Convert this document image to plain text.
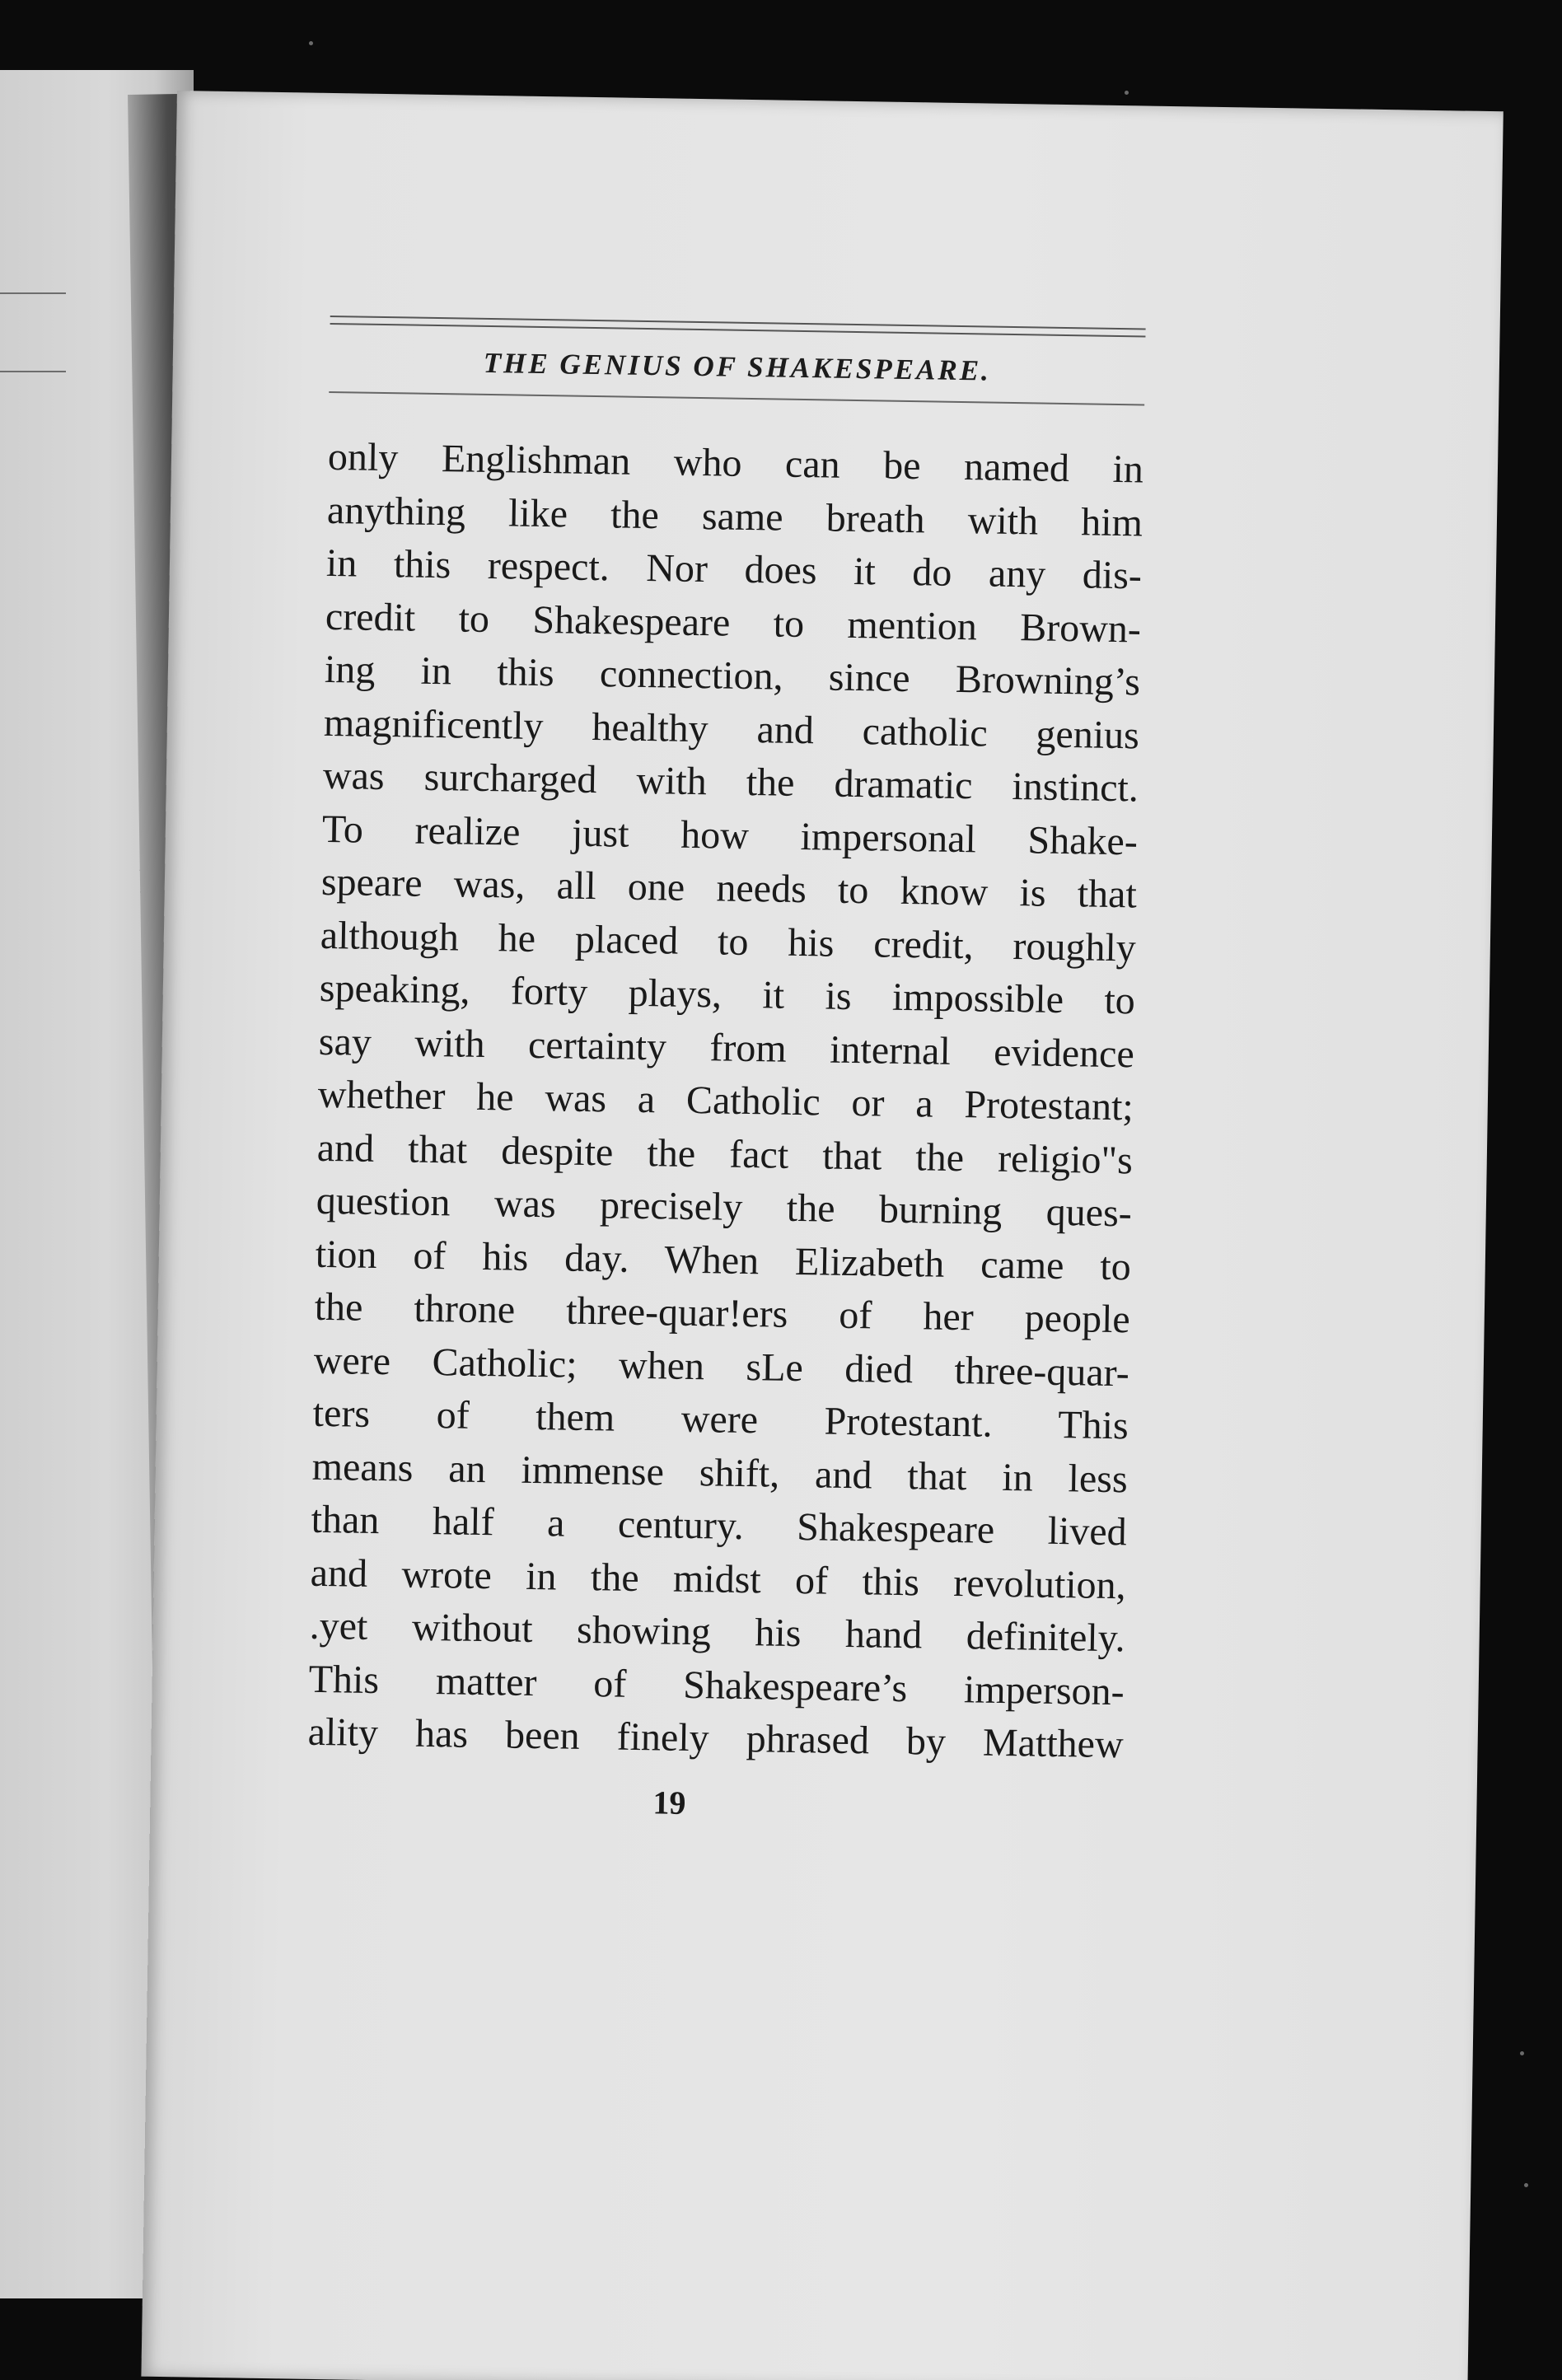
THE GENIUS OF SHAKESPEARE.
only Englishman who can be named in
anything like the same breath with him
in this respect. Nor does it do any dis-
credit to Shakespeare to mention Brown-
ing in this connection, since Browning’s
magnificently healthy and catholic genius
was surcharged with the dramatic instinct.
To realize just how impersonal Shake-
speare was, all one needs to know is that
although he placed to his credit, roughly
speaking, forty plays, it is impossible to
say with certainty from internal evidence
whether he was a Catholic or a Protestant;
and that despite the fact that the religio"s
question was precisely the burning ques-
tion of his day. When Elizabeth came to
the throne three-quar!ers of her people
were Catholic; when sLe died three-quar-
ters of them were Protestant. This
means an immense shift, and that in less
than half a century. Shakespeare lived
and wrote in the midst of this revolution,
.yet without showing his hand definitely.
This matter of Shakespeare’s imperson-
ality has been finely phrased by Matthew
19
